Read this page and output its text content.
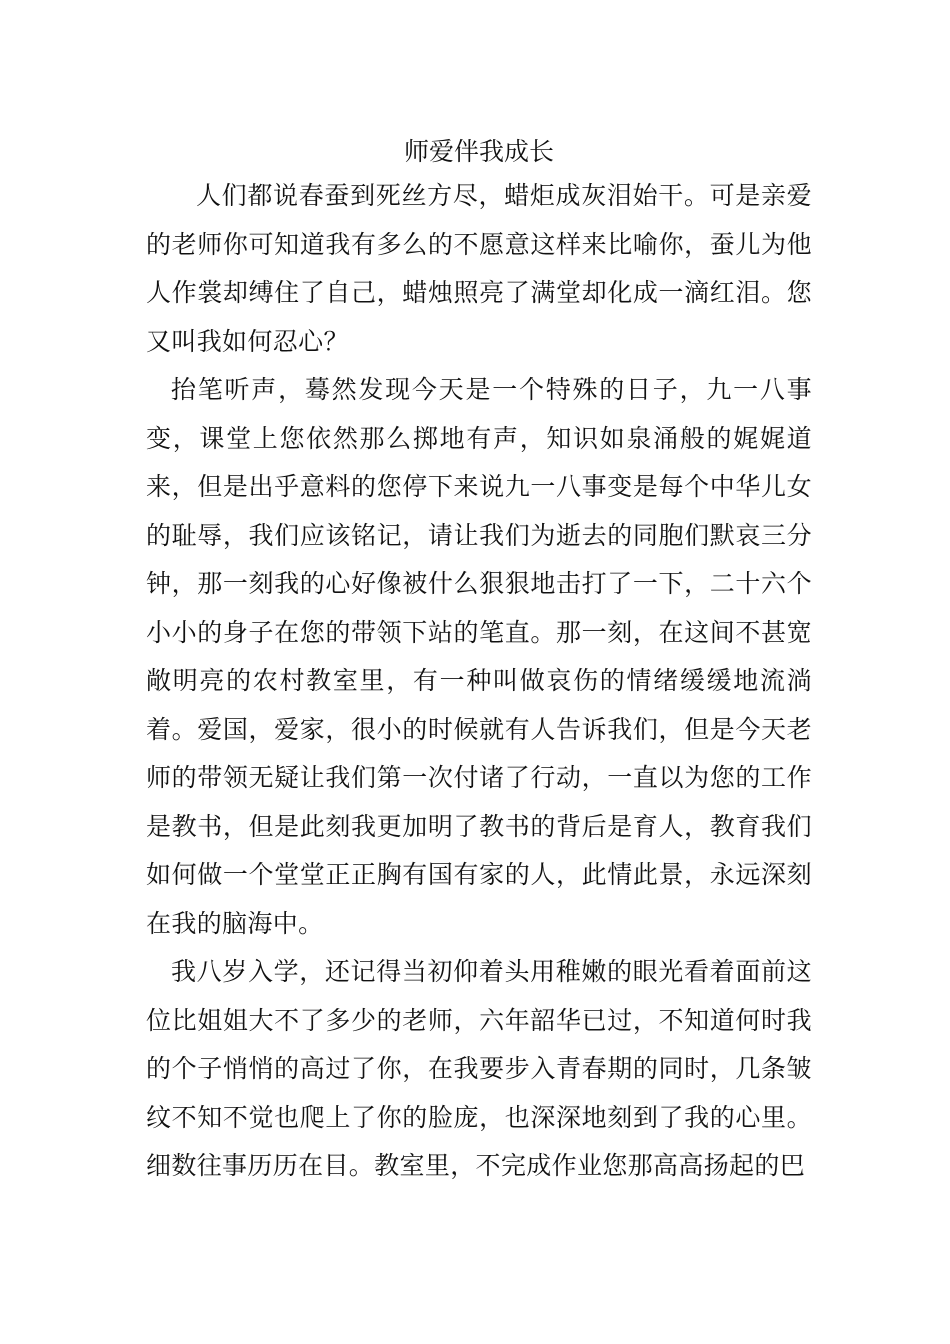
师爱伴我成长

人们都说春蚕到死丝方尽，蜡炬成灰泪始干。可是亲爱的老师你可知道我有多么的不愿意这样来比喻你，蚕儿为他人作裳却缚住了自己，蜡烛照亮了满堂却化成一滴红泪。您又叫我如何忍心？

抬笔听声，蓦然发现今天是一个特殊的日子，九一八事变，课堂上您依然那么掷地有声，知识如泉涌般的娓娓道来，但是出乎意料的您停下来说九一八事变是每个中华儿女的耻辱，我们应该铭记，请让我们为逝去的同胞们默哀三分钟，那一刻我的心好像被什么狠狠地击打了一下，二十六个小小的身子在您的带领下站的笔直。那一刻，在这间不甚宽敞明亮的农村教室里，有一种叫做哀伤的情绪缓缓地流淌着。爱国，爱家，很小的时候就有人告诉我们，但是今天老师的带领无疑让我们第一次付诸了行动，一直以为您的工作是教书，但是此刻我更加明了教书的背后是育人，教育我们如何做一个堂堂正正胸有国有家的人，此情此景，永远深刻在我的脑海中。

我八岁入学，还记得当初仰着头用稚嫩的眼光看着面前这位比姐姐大不了多少的老师，六年韶华已过，不知道何时我的个子悄悄的高过了你，在我要步入青春期的同时，几条皱纹不知不觉也爬上了你的脸庞，也深深地刻到了我的心里。细数往事历历在目。教室里，不完成作业您那高高扬起的巴
